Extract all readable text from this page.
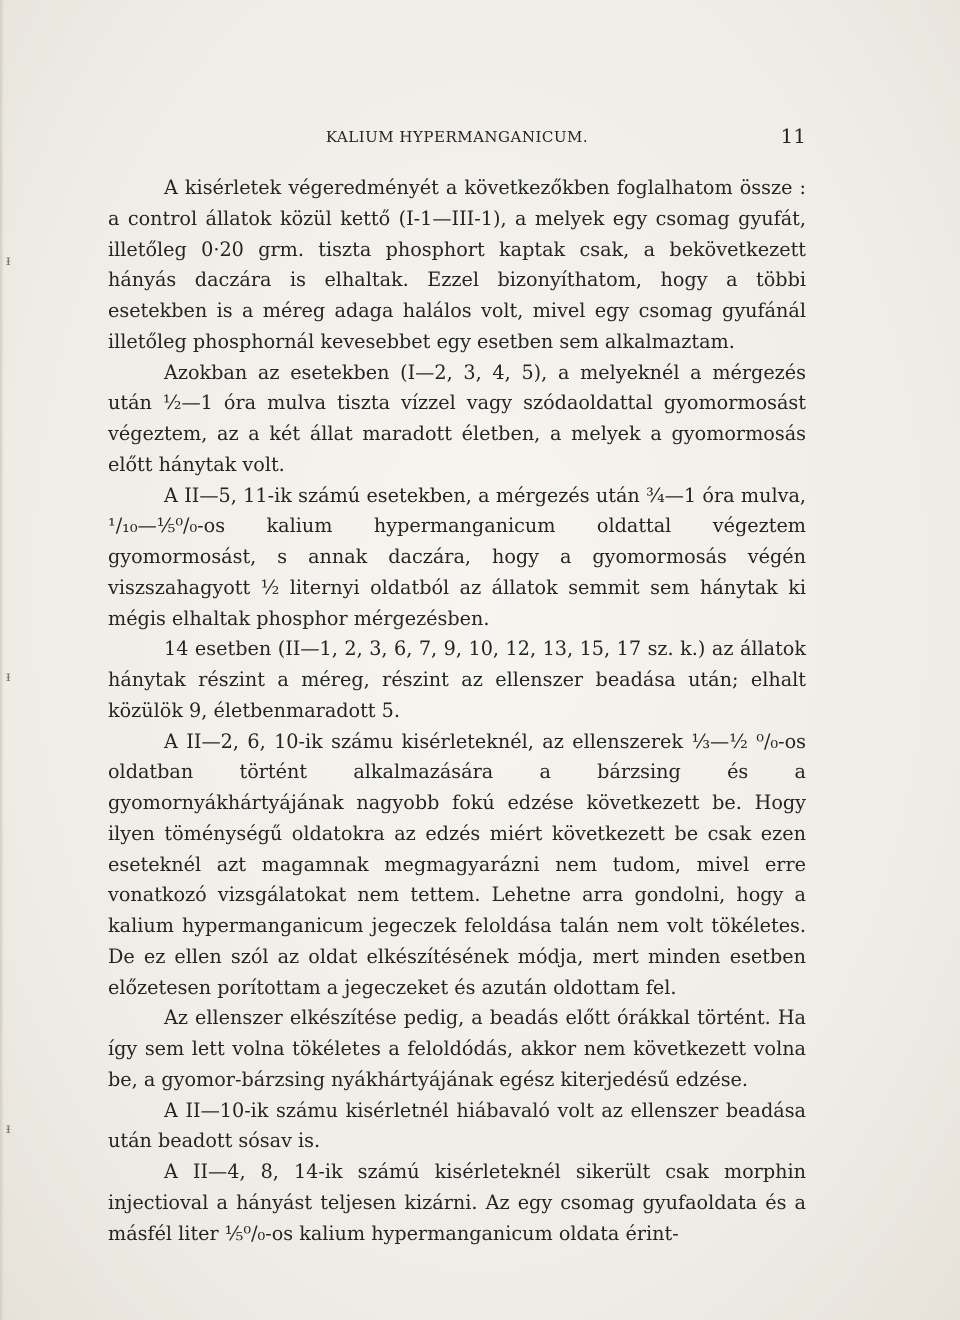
ᵻ
ᵻ
ᵻ
KALIUM HYPERMANGANICUM.	11

A kisérletek végeredményét a következőkben foglalhatom össze : a control állatok közül kettő (I-1—III-1), a melyek egy csomag gyufát, illetőleg 0·20 grm. tiszta phosphort kaptak csak, a bekövetkezett hányás daczára is elhaltak. Ezzel bizonyíthatom, hogy a többi esetekben is a méreg adaga halálos volt, mivel egy csomag gyufánál illetőleg phosphornál kevesebbet egy esetben sem alkalmaztam.

Azokban az esetekben (I—2, 3, 4, 5), a melyeknél a mérgezés után ½—1 óra mulva tiszta vízzel vagy szódaoldattal gyomormosást végeztem, az a két állat maradott életben, a melyek a gyomormosás előtt hánytak volt.

A II—5, 11-ik számú esetekben, a mérgezés után ¾—1 óra mulva, ¹/₁₀—⅕⁰/₀-os kalium hypermanganicum oldattal végeztem gyomormosást, s annak daczára, hogy a gyomormosás végén viszszahagyott ½ liternyi oldatból az állatok semmit sem hánytak ki mégis elhaltak phosphor mérgezésben.

14 esetben (II—1, 2, 3, 6, 7, 9, 10, 12, 13, 15, 17 sz. k.) az állatok hánytak részint a méreg, részint az ellenszer beadása után; elhalt közülök 9, életbenmaradott 5.

A II—2, 6, 10-ik számu kisérleteknél, az ellenszerek ⅓—½ ⁰/₀-os oldatban történt alkalmazására a bárzsing és a gyomornyákhártyájának nagyobb fokú edzése következett be. Hogy ilyen töménységű oldatokra az edzés miért következett be csak ezen eseteknél azt magamnak megmagyarázni nem tudom, mivel erre vonatkozó vizsgálatokat nem tettem. Lehetne arra gondolni, hogy a kalium hypermanganicum jegeczek feloldása talán nem volt tökéletes. De ez ellen szól az oldat elkészítésének módja, mert minden esetben előzetesen porítottam a jegeczeket és azután oldottam fel.

Az ellenszer elkészítése pedig, a beadás előtt órákkal történt. Ha így sem lett volna tökéletes a feloldódás, akkor nem következett volna be, a gyomor-bárzsing nyákhártyájának egész kiterjedésű edzése.

A II—10-ik számu kisérletnél hiábavaló volt az ellenszer beadása után beadott sósav is.

A II—4, 8, 14-ik számú kisérleteknél sikerült csak morphin injectioval a hányást teljesen kizárni. Az egy csomag gyufaoldata és a másfél liter ⅕⁰/₀-os kalium hypermanganicum oldata érint-
